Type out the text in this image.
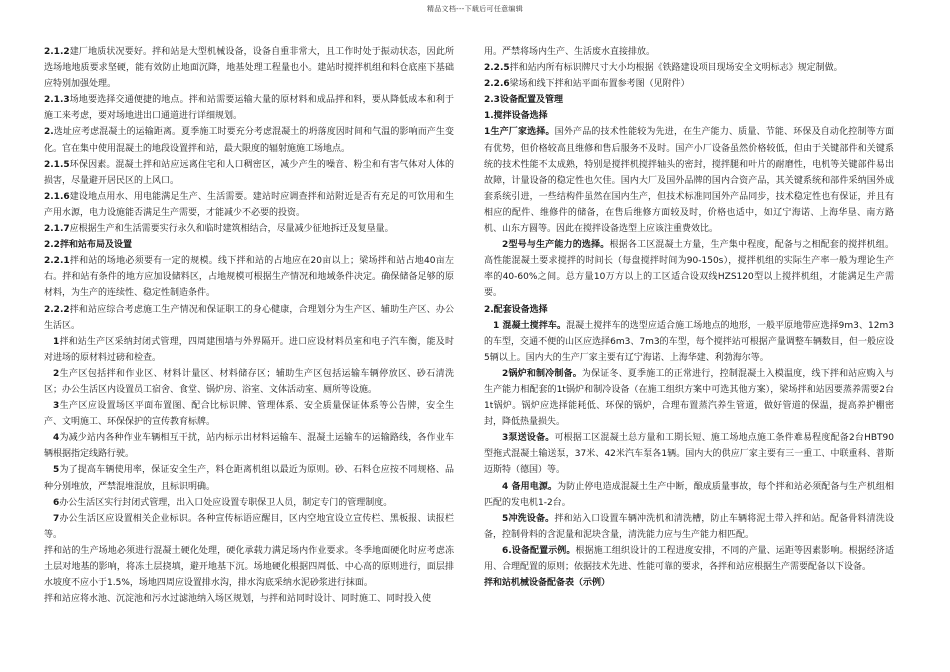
精品文档---下载后可任意编辑

2.1.2建厂地质状况要好。拌和站是大型机械设备，设备自重非常大，且工作时处于振动状态，因此所选场地地质要求坚硬，能有效防止地面沉降，地基处理工程量也小。建站时搅拌机组和料仓底座下基础应特别加强处理。

2.1.3场地要选择交通便捷的地点。拌和站需要运输大量的原材料和成品拌和料，要从降低成本和利于施工来考虑，要对场地进出口通道进行详细规划。

2.选址应考虑混凝土的运输距离。夏季施工时要充分考虑混凝土的坍落度因时间和气温的影响而产生变化。官在集中使用混凝土的地段设置拌和站，最大限度的辐射施施工场地点。

2.1.5环保因素。混凝土拌和站应远离住宅和人口稠密区，减少产生的噪音、粉尘和有害气体对人体的损害，尽量避开居民区的上风口。

2.1.6建设地点用水、用电能满足生产、生活需要。建站时应调查拌和站附近是否有充足的可饮用和生产用水源，电力设施能否满足生产需要，才能减少不必要的投资。

2.1.7应根据生产和生活需要实行永久和临时建筑相结合，尽量减少征地拆迁及复垦量。

2.2拌和站布局及设置

2.2.1拌和站的场地必须要有一定的规模。线下拌和站的占地应在20亩以上；梁场拌和站占地40亩左右。拌和站有条件的地方应加设储料区，占地规模可根据生产情况和地域条件决定。确保储备足够的原材料，为生产的连续性、稳定性制造条件。

2.2.2拌和站应综合考虑施工生产情况和保证职工的身心健康，合理划分为生产区、辅助生产区、办公生活区。

1拌和站生产区采纳封闭式管理，四周建围墙与外界隔开。进口应设材料员室和电子汽车衡，能及时对进场的原材料过磅和检查。

2生产区包括拌和作业区、材料计量区、材料储存区；辅助生产区包括运输车辆停放区、砂石清洗区；办公生活区内设置员工宿舍、食堂、锅炉房、浴室、文体活动室、厕所等设施。

3生产区应设置场区平面布置图、配合比标识牌、管理体系、安全质量保证体系等公告牌，安全生产、文明施工、环保保护的宣传教育标牌。

4为减少站内各种作业车辆相互干扰，站内标示出材料运输车、混凝土运输车的运输路线，各作业车辆根据指定线路行驶。

5为了提高车辆使用率，保证安全生产，料仓距离机组以最近为原则。砂、石料仓应按不同规格、品种分别堆放，严禁混堆混放，且标识明确。

6办公生活区实行封闭式管理，出入口处应设置专职保卫人员，制定专门的管理制度。

7办公生活区应设置相关企业标识。各种宣传标语应醒目，区内空地宜设立宣传栏、黑板报、读报栏等。

拌和站的生产场地必须进行混凝土硬化处理，硬化承载力满足场内作业要求。冬季地面硬化时应考虑冻土层对地基的影响，将冻土层挠填，避开地基下沉。场地硬化根据四周低、中心高的原则进行，面层排水坡度不应小于1.5%，场地四周应设置排水沟，排水沟底采纳水泥砂浆进行抹面。

拌和站应将水池、沉淀池和污水过滤池纳入场区规划，与拌和站同时设计、同时施工、同时投入使

用。严禁将场内生产、生活废水直接排放。

2.2.5拌和站内所有标识牌尺寸大小均根据《铁路建设项目现场安全文明标志》规定制做。

2.2.6梁场和线下拌和站平面布置参考图（见附件）

2.3设备配置及管理

1.搅拌设备选择

1生产厂家选择。国外产品的技术性能较为先进，在生产能力、质量、节能、环保及自动化控制等方面有优势，但价格较高且维修和售后服务不及时。国产小厂设备虽然价格较低，但由于关键部件和关键系统的技术性能不太成熟，特别是搅拌机搅拌轴头的密封，搅拌腿和叶片的耐磨性，电机等关键部件易出故障，计量设备的稳定性也欠佳。国内大厂及国外品牌的国内合资产品，其关键系统和部件采纳国外成套系统引进，一些结构件虽然在国内生产，但技术标准同国外产品同步，技术稳定性也有保证，并且有相应的配件、维修件的储备，在售后维修方面较及时，价格也适中，如辽宁海诺、上海华垦、南方路机、山东方圆等。因此在搅拌设备选型上应该注重费效比。

2型号与生产能力的选择。根据各工区混凝土方量，生产集中程度，配备与之相配套的搅拌机组。高性能混凝土要求搅拌的时间长（每盘搅拌时间为90-150s），搅拌机组的实际生产率一般为理论生产率的40-60%之间。总方量10万方以上的工区适合设双线HZS120型以上搅拌机组，才能满足生产需要。

2.配套设备选择

1 混凝土搅拌车。混凝土搅拌车的选型应适合施工场地点的地形，一般平原地带应选择9m3、12m3的车型，交通不便的山区应选择6m3、7m3的车型，每个搅拌站可根据产量调整车辆数目，但一般应设5辆以上。国内大的生产厂家主要有辽宁海诺、上海华建、利勃海尔等。

2锅炉和制冷制备。为保证冬、夏季施工的正常进行，控制混凝土入模温度，线下拌和站应购入与生产能力相配套的1t锅炉和制冷设备（在施工组织方案中可选其他方案），梁场拌和站因要蒸养需要2台1t锅炉。锅炉应选择能耗低、环保的锅炉，合理布置蒸汽养生管道，做好管道的保温，提高养护棚密封，降低热量损失。

3泵送设备。可根据工区混凝土总方量和工期长短、施工场地点施工条件难易程度配备2台HBT90型拖式混凝土输送泵，37米、42米汽车泵各1辆。国内大的供应厂家主要有三一重工、中联重科、普斯迈斯特（德国）等。

4 备用电源。为防止停电造成混凝土生产中断，酿成质量事故，每个拌和站必须配备与生产机组相匹配的发电机1-2台。

5冲洗设备。拌和站入口设置车辆冲洗机和清洗槽，防止车辆将泥土带入拌和站。配备骨料清洗设备，控制骨料的含泥量和泥块含量，清洗能力应与生产能力相匹配。

6.设备配置示例。根据施工组织设计的工程进度安排，不同的产量、运距等因素影响。根据经济适用、合理配置的原则；依据技术先进、性能可靠的要求，各拌和站应根据生产需要配备以下设备。

拌和站机械设备配备表（示例）
